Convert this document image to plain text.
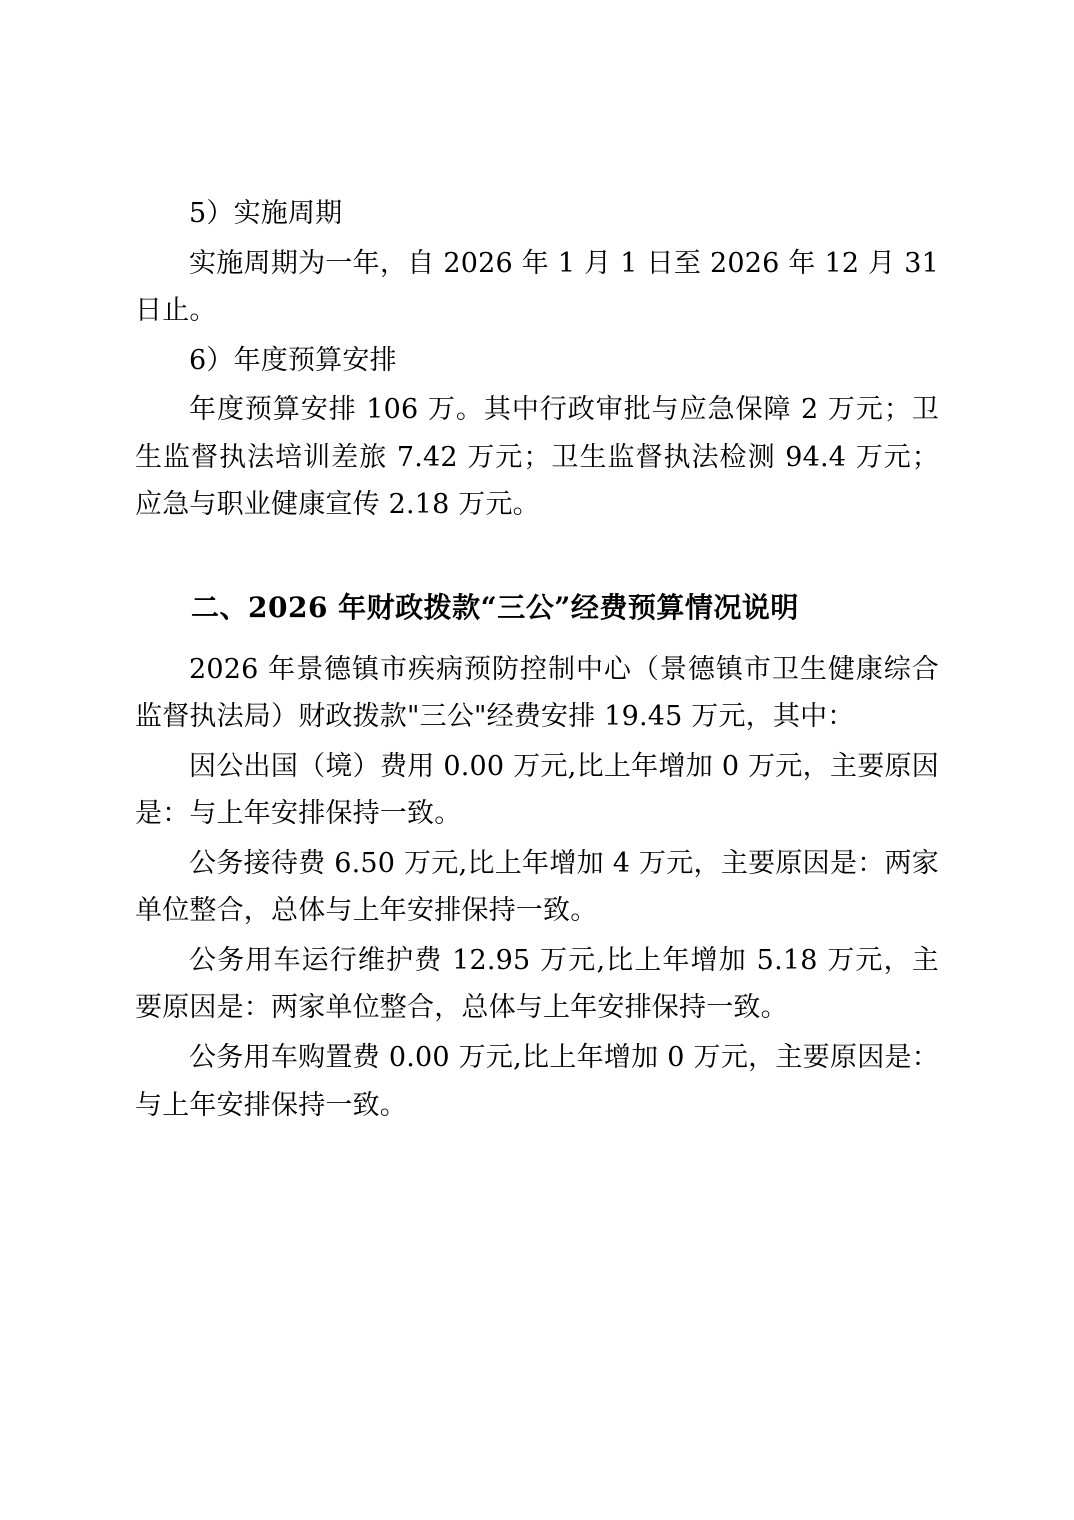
5）实施周期

实施周期为一年，自 2026 年 1 月 1 日至 2026 年 12 月 31 日止。

6）年度预算安排

年度预算安排 106 万。其中行政审批与应急保障 2 万元；卫生监督执法培训差旅 7.42 万元；卫生监督执法检测 94.4 万元；应急与职业健康宣传 2.18 万元。

二、2026 年财政拨款“三公”经费预算情况说明

2026 年景德镇市疾病预防控制中心（景德镇市卫生健康综合监督执法局）财政拨款"三公"经费安排 19.45 万元，其中：

因公出国（境）费用 0.00 万元,比上年增加 0 万元，主要原因是：与上年安排保持一致。

公务接待费 6.50 万元,比上年增加 4 万元，主要原因是：两家单位整合，总体与上年安排保持一致。

公务用车运行维护费 12.95 万元,比上年增加 5.18 万元，主要原因是：两家单位整合，总体与上年安排保持一致。

公务用车购置费 0.00 万元,比上年增加 0 万元，主要原因是：与上年安排保持一致。
